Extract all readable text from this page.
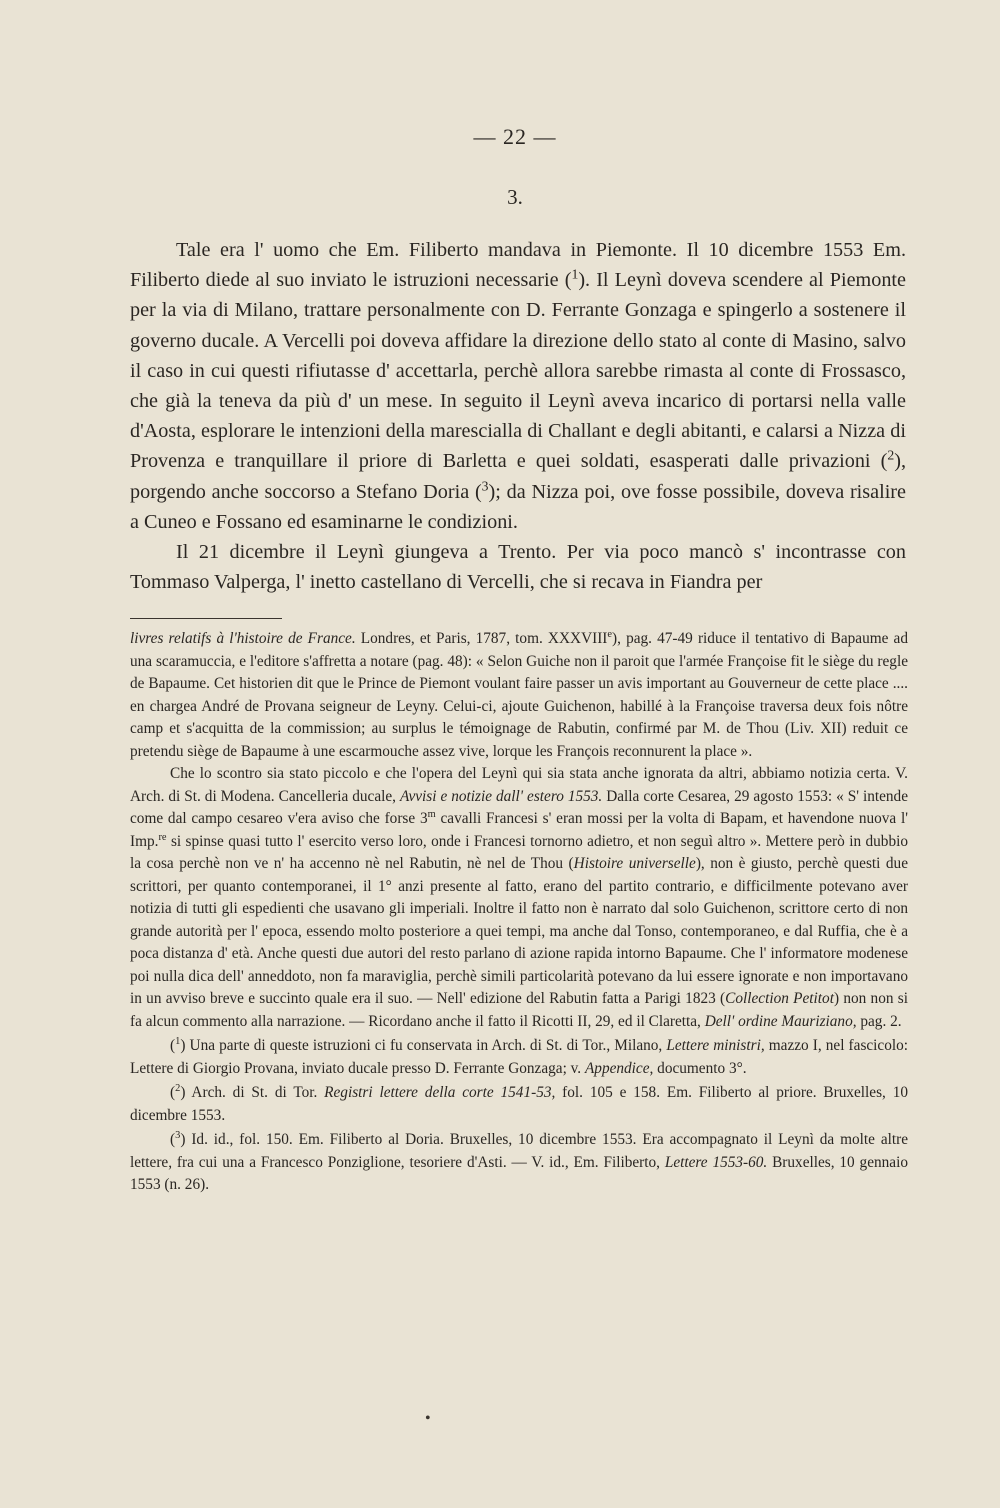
— 22 —
3.

Tale era l' uomo che Em. Filiberto mandava in Piemonte. Il 10 dicembre 1553 Em. Filiberto diede al suo inviato le istruzioni necessarie ($^1$). Il Leynì doveva scendere al Piemonte per la via di Milano, trattare personalmente con D. Ferrante Gonzaga e spingerlo a sostenere il governo ducale. A Vercelli poi doveva affidare la direzione dello stato al conte di Masino, salvo il caso in cui questi rifiutasse d' accettarla, perchè allora sarebbe rimasta al conte di Frossasco, che già la teneva da più d' un mese. In seguito il Leynì aveva incarico di portarsi nella valle d'Aosta, esplorare le intenzioni della marescialla di Challant e degli abitanti, e calarsi a Nizza di Provenza e tranquillare il priore di Barletta e quei soldati, esasperati dalle privazioni ($^2$), porgendo anche soccorso a Stefano Doria ($^3$); da Nizza poi, ove fosse possibile, doveva risalire a Cuneo e Fossano ed esaminarne le condizioni.

Il 21 dicembre il Leynì giungeva a Trento. Per via poco mancò s' incontrasse con Tommaso Valperga, l' inetto castellano di Vercelli, che si recava in Fiandra per

livres relatifs à l'histoire de France. Londres, et Paris, 1787, tom. XXXVIIIe), pag. 47-49 riduce il tentativo di Bapaume ad una scaramuccia, e l'editore s'affretta a notare (pag. 48): « Selon Guiche non il paroit que l'armée Françoise fit le siège du regle de Bapaume. Cet historien dit que le Prince de Piemont voulant faire passer un avis important au Gouverneur de cette place .... en chargea André de Provana seigneur de Leyny. Celui-ci, ajoute Guichenon, habillé à la Françoise traversa deux fois nôtre camp et s'acquitta de la commission; au surplus le témoignage de Rabutin, confirmé par M. de Thou (Liv. XII) reduit ce pretendu siège de Bapaume à une escarmouche assez vive, lorque les François reconnurent la place ».

Che lo scontro sia stato piccolo e che l'opera del Leynì qui sia stata anche ignorata da altri, abbiamo notizia certa. V. Arch. di St. di Modena. Cancelleria ducale, Avvisi e notizie dall' estero 1553. Dalla corte Cesarea, 29 agosto 1553: « S' intende come dal campo cesareo v'era aviso che forse 3$^m$ cavalli Francesi s' eran mossi per la volta di Bapam, et havendone nuova l' Imp.$^{re}$ si spinse quasi tutto l' esercito verso loro, onde i Francesi tornorno adietro, et non seguì altro ». Mettere però in dubbio la cosa perchè non ve n' ha accenno nè nel Rabutin, nè nel de Thou (Histoire universelle), non è giusto, perchè questi due scrittori, per quanto contemporanei, il 1° anzi presente al fatto, erano del partito contrario, e difficilmente potevano aver notizia di tutti gli espedienti che usavano gli imperiali. Inoltre il fatto non è narrato dal solo Guichenon, scrittore certo di non grande autorità per l' epoca, essendo molto posteriore a quei tempi, ma anche dal Tonso, contemporaneo, e dal Ruffia, che è a poca distanza d' età. Anche questi due autori del resto parlano di azione rapida intorno Bapaume. Che l' informatore modenese poi nulla dica dell' anneddoto, non fa maraviglia, perchè simili particolarità potevano da lui essere ignorate e non importavano in un avviso breve e succinto quale era il suo. — Nell' edizione del Rabutin fatta a Parigi 1823 (Collection Petitot) non non si fa alcun commento alla narrazione. — Ricordano anche il fatto il Ricotti II, 29, ed il Claretta, Dell' ordine Mauriziano, pag. 2.

($^1$) Una parte di queste istruzioni ci fu conservata in Arch. di St. di Tor., Milano, Lettere ministri, mazzo I, nel fascicolo: Lettere di Giorgio Provana, inviato ducale presso D. Ferrante Gonzaga; v. Appendice, documento 3°.

($^2$) Arch. di St. di Tor. Registri lettere della corte 1541-53, fol. 105 e 158. Em. Filiberto al priore. Bruxelles, 10 dicembre 1553.

($^3$) Id. id., fol. 150. Em. Filiberto al Doria. Bruxelles, 10 dicembre 1553. Era accompagnato il Leynì da molte altre lettere, fra cui una a Francesco Ponziglione, tesoriere d'Asti. — V. id., Em. Filiberto, Lettere 1553-60. Bruxelles, 10 gennaio 1553 (n. 26).

•
